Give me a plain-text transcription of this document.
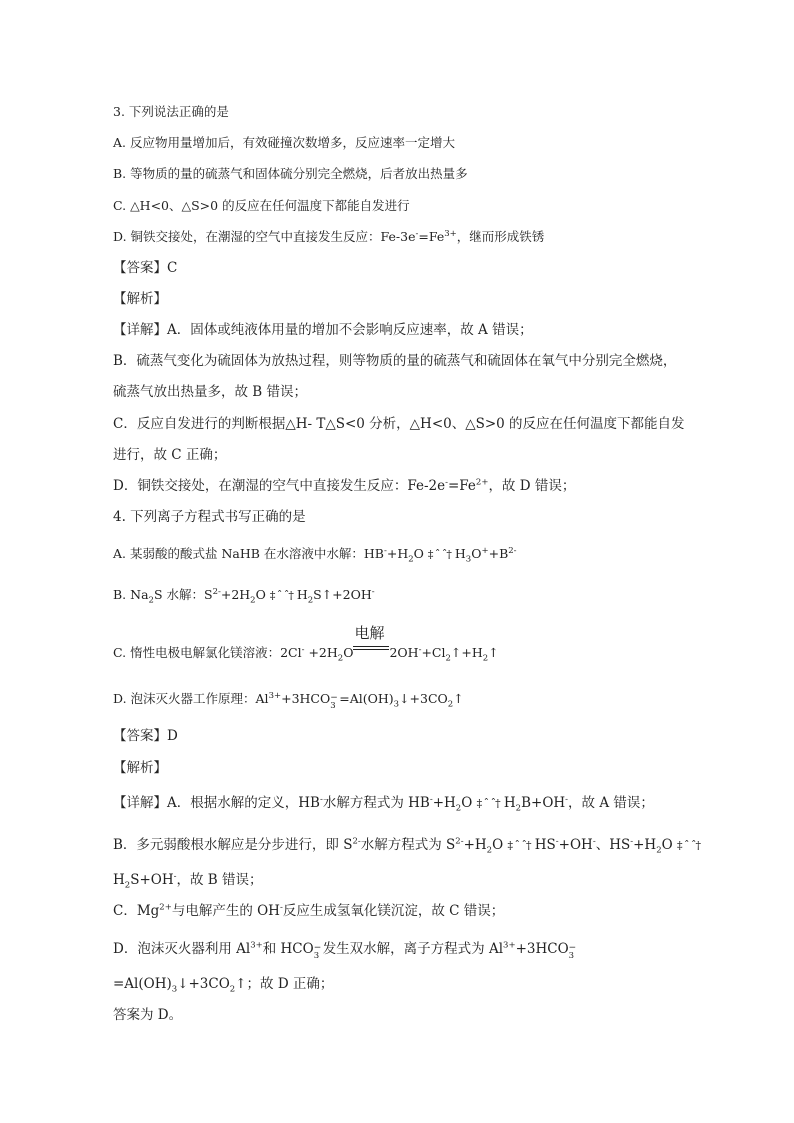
3. 下列说法正确的是
A. 反应物用量增加后，有效碰撞次数增多，反应速率一定增大
B. 等物质的量的硫蒸气和固体硫分别完全燃烧，后者放出热量多
C. △H<0、△S>0 的反应在任何温度下都能自发进行
D. 铜铁交接处，在潮湿的空气中直接发生反应：$Fe-3e^-=Fe^{3+}$，继而形成铁锈
【答案】C
【解析】
【详解】A．固体或纯液体用量的增加不会影响反应速率，故 A 错误；
B．硫蒸气变化为硫固体为放热过程，则等物质的量的硫蒸气和硫固体在氧气中分别完全燃烧，
硫蒸气放出热量多，故 B 错误；
C．反应自发进行的判断根据△H- T△S<0 分析，△H<0、△S>0 的反应在任何温度下都能自发
进行，故 C 正确；
D．铜铁交接处，在潮湿的空气中直接发生反应：$Fe-2e^-=Fe^{2+}$，故 D 错误；
4. 下列离子方程式书写正确的是
A. 某弱酸的酸式盐 NaHB 在水溶液中水解：$HB^-+H_2O$ ‡ ˆ ˆ† $H_3O^++B^{2-}$
B. $Na_2S$ 水解：$S^{2-}+2H_2O$ ‡ ˆ ˆ† $H_2S↑+2OH^-$
C. 惰性电极电解氯化镁溶液：$2Cl^- +2H_2O$
电解
$2OH^-+Cl_2↑+H_2↑$
D. 泡沫灭火器工作原理：$Al^{3+}+3HCO$ −
$3 =Al(OH)_3↓+3CO_2↑$
【答案】D
【解析】
【详解】A．根据水解的定义，HB-水解方程式为 $HB^-+H_2O$ ‡ ˆ ˆ† $H_2B+OH^-$，故 A 错误；
B．多元弱酸根水解应是分步进行，即 $S^{2-}$水解方程式为 $S^{2-}+H_2O$ ‡ ˆ ˆ† HS-+OH-、$HS^-+H_2O$ ‡ ˆ ˆ†
$H_2S+OH^-$，故 B 错误；
C．$Mg^{2+}$与电解产生的 OH-反应生成氢氧化镁沉淀，故 C 错误；
D．泡沫灭火器利用 $Al^{3+}$和 HCO −
3 发生双水解，离子方程式为 $Al^{3+}+3HCO$ −
3
$=Al(OH)_3↓+3CO_2↑$；故 D 正确；
答案为 D。
